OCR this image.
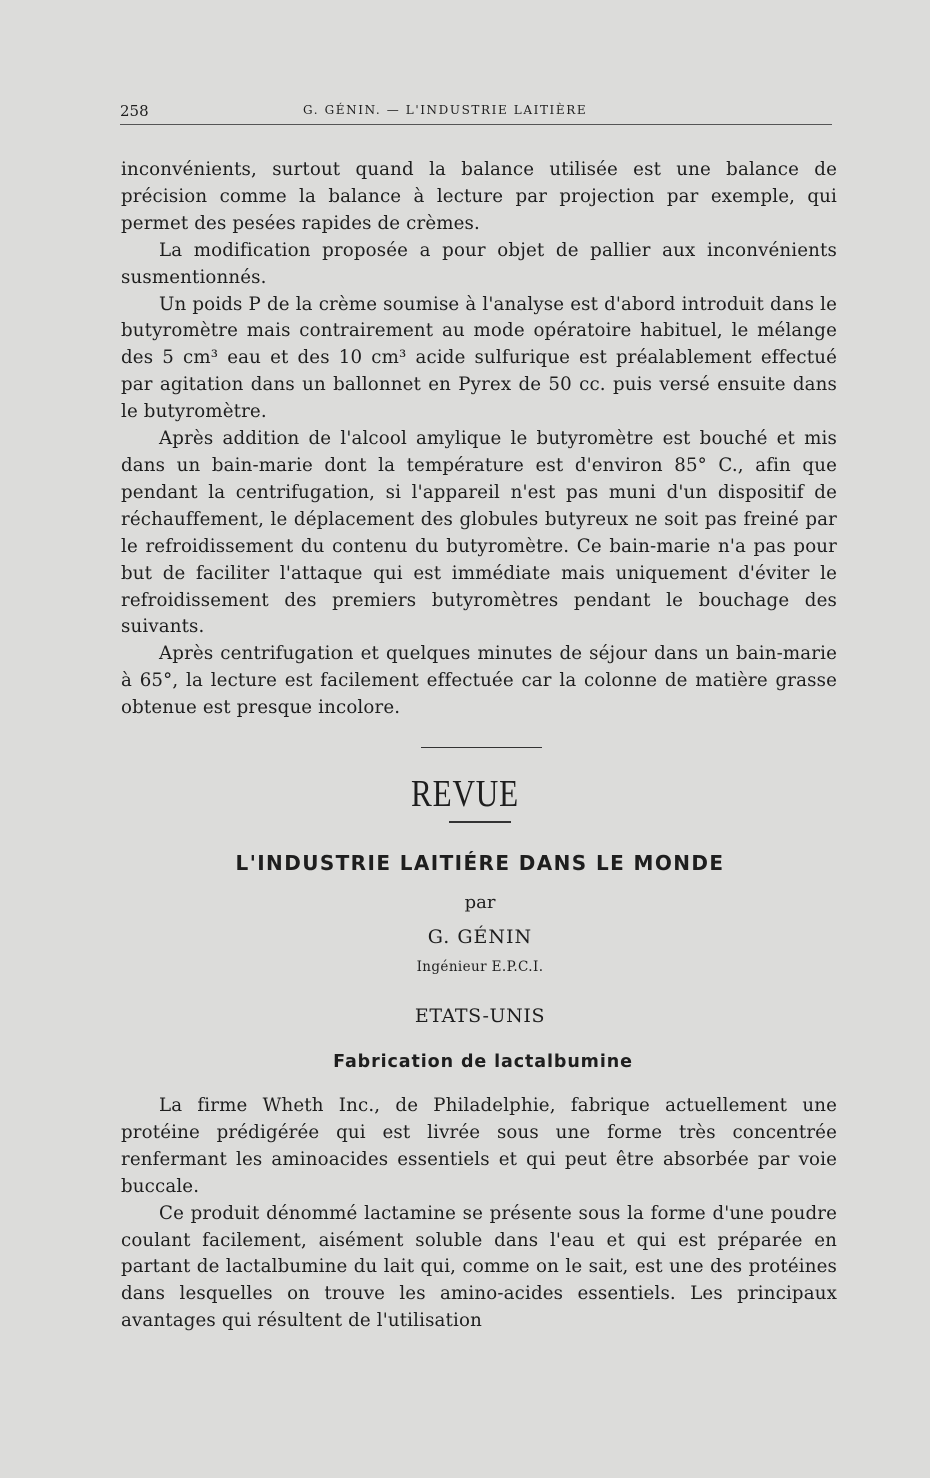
258	G. GÉNIN. — L'INDUSTRIE LAITIÈRE

inconvénients, surtout quand la balance utilisée est une balance de précision comme la balance à lecture par projection par exemple, qui permet des pesées rapides de crèmes.

La modification proposée a pour objet de pallier aux inconvénients susmentionnés.

Un poids P de la crème soumise à l'analyse est d'abord introduit dans le butyromètre mais contrairement au mode opératoire habituel, le mélange des 5 cm³ eau et des 10 cm³ acide sulfurique est préalablement effectué par agitation dans un ballonnet en Pyrex de 50 cc. puis versé ensuite dans le butyromètre.

Après addition de l'alcool amylique le butyromètre est bouché et mis dans un bain-marie dont la température est d'environ 85° C., afin que pendant la centrifugation, si l'appareil n'est pas muni d'un dispositif de réchauffement, le déplacement des globules butyreux ne soit pas freiné par le refroidissement du contenu du butyromètre. Ce bain-marie n'a pas pour but de faciliter l'attaque qui est immédiate mais uniquement d'éviter le refroidissement des premiers butyromètres pendant le bouchage des suivants.

Après centrifugation et quelques minutes de séjour dans un bain-marie à 65°, la lecture est facilement effectuée car la colonne de matière grasse obtenue est presque incolore.

REVUE
L'INDUSTRIE LAITIÉRE DANS LE MONDE
par
G. GÉNIN
Ingénieur E.P.C.I.
ETATS-UNIS
Fabrication de lactalbumine

La firme Wheth Inc., de Philadelphie, fabrique actuellement une protéine prédigérée qui est livrée sous une forme très concentrée renfermant les aminoacides essentiels et qui peut être absorbée par voie buccale.

Ce produit dénommé lactamine se présente sous la forme d'une poudre coulant facilement, aisément soluble dans l'eau et qui est préparée en partant de lactalbumine du lait qui, comme on le sait, est une des protéines dans lesquelles on trouve les amino-acides essentiels. Les principaux avantages qui résultent de l'utilisation
